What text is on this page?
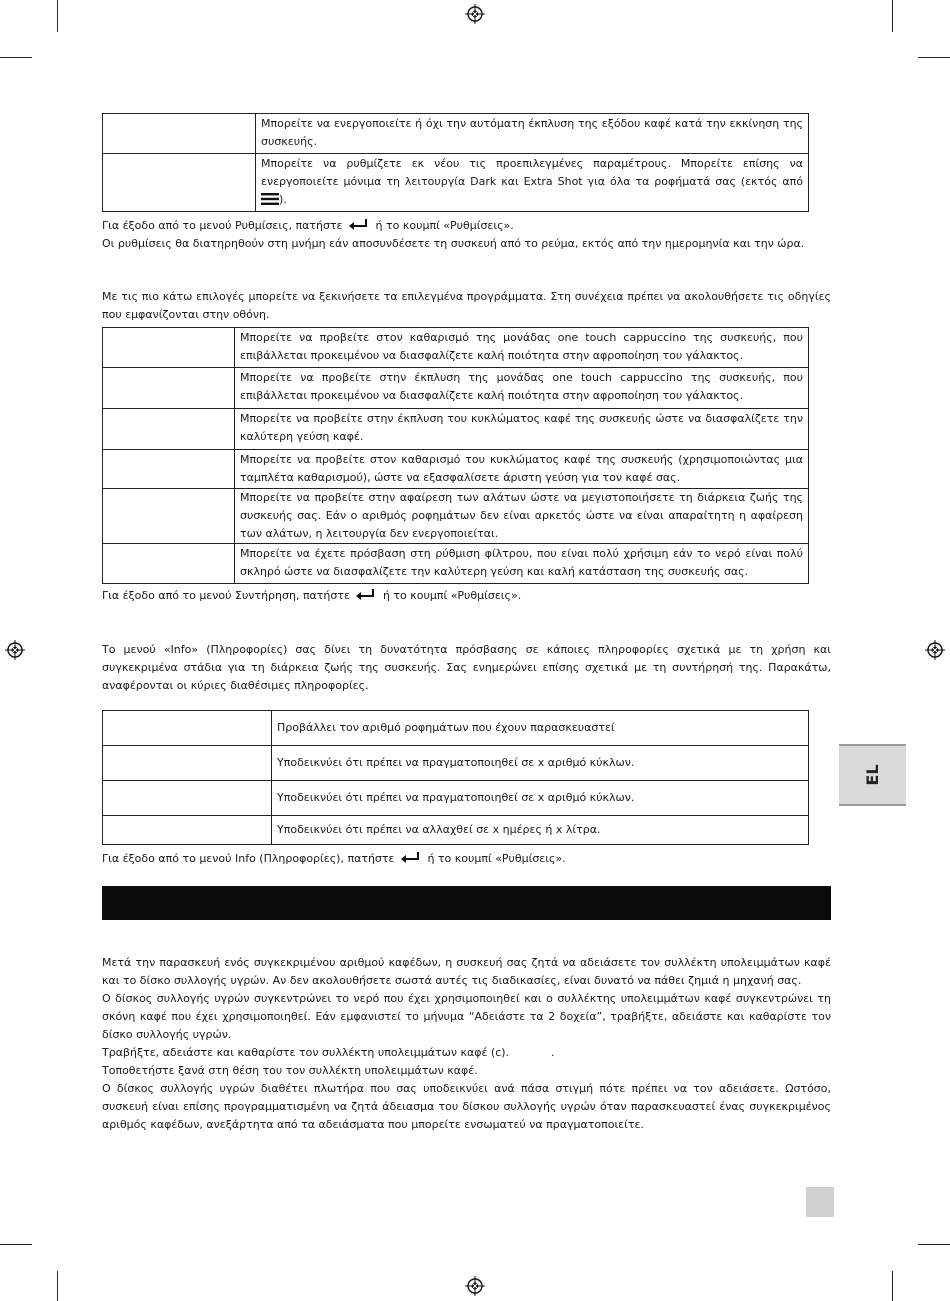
	Μπορείτε να ενεργοποιείτε ή όχι την αυτόματη έκπλυση της εξόδου καφέ κατά την εκκίνηση της συσκευής.
	Μπορείτε να ρυθμίζετε εκ νέου τις προεπιλεγμένες παραμέτρους. Μπορείτε επίσης να ενεργοποιείτε μόνιμα τη λειτουργία Dark και Extra Shot για όλα τα ροφήματά σας (εκτός από ).
Για έξοδο από το μενού Ρυθμίσεις, πατήστε	ή το κουμπί «Ρυθμίσεις».
Οι ρυθμίσεις θα διατηρηθούν στη μνήμη εάν αποσυνδέσετε τη συσκευή από το ρεύμα, εκτός από την ημερομηνία και την ώρα.
Με τις πιο κάτω επιλογές μπορείτε να ξεκινήσετε τα επιλεγμένα προγράμματα. Στη συνέχεια πρέπει να ακολουθήσετε τις οδηγίες που εμφανίζονται στην οθόνη.
	Μπορείτε να προβείτε στον καθαρισμό της μονάδας one touch cappuccino της συσκευής, που επιβάλλεται προκειμένου να διασφαλίζετε καλή ποιότητα στην αφροποίηση του γάλακτος.
	Μπορείτε να προβείτε στην έκπλυση της μονάδας one touch cappuccino της συσκευής, που επιβάλλεται προκειμένου να διασφαλίζετε καλή ποιότητα στην αφροποίηση του γάλακτος.
	Μπορείτε να προβείτε στην έκπλυση του κυκλώματος καφέ της συσκευής ώστε να διασφαλίζετε την καλύτερη γεύση καφέ.
	Μπορείτε να προβείτε στον καθαρισμό του κυκλώματος καφέ της συσκευής (χρησιμοποιώντας μια ταμπλέτα καθαρισμού), ώστε να εξασφαλίσετε άριστη γεύση για τον καφέ σας.
	Μπορείτε να προβείτε στην αφαίρεση των αλάτων ώστε να μεγιστοποιήσετε τη διάρκεια ζωής της συσκευής σας. Εάν ο αριθμός ροφημάτων δεν είναι αρκετός ώστε να είναι απαραίτητη η αφαίρεση των αλάτων, η λειτουργία δεν ενεργοποιείται.
	Μπορείτε να έχετε πρόσβαση στη ρύθμιση φίλτρου, που είναι πολύ χρήσιμη εάν το νερό είναι πολύ σκληρό ώστε να διασφαλίζετε την καλύτερη γεύση και καλή κατάσταση της συσκευής σας.
Για έξοδο από το μενού Συντήρηση, πατήστε	ή το κουμπί «Ρυθμίσεις».
Το μενού «Info» (Πληροφορίες) σας δίνει τη δυνατότητα πρόσβασης σε κάποιες πληροφορίες σχετικά με τη χρήση και συγκεκριμένα στάδια για τη διάρκεια ζωής της συσκευής. Σας ενημερώνει επίσης σχετικά με τη συντήρησή της. Παρακάτω, αναφέρονται οι κύριες διαθέσιμες πληροφορίες.
	Προβάλλει τον αριθμό ροφημάτων που έχουν παρασκευαστεί
	Υποδεικνύει ότι πρέπει να πραγματοποιηθεί σε x αριθμό κύκλων.
	Υποδεικνύει ότι πρέπει να πραγματοποιηθεί σε x αριθμό κύκλων.
	Υποδεικνύει ότι πρέπει να αλλαχθεί σε x ημέρες ή x λίτρα.
Για έξοδο από το μενού Info (Πληροφορίες), πατήστε	ή το κουμπί «Ρυθμίσεις».
Μετά την παρασκευή ενός συγκεκριμένου αριθμού καφέδων, η συσκευή σας ζητά να αδειάσετε τον συλλέκτη υπολειμμάτων καφέ και το δίσκο συλλογής υγρών. Αν δεν ακολουθήσετε σωστά αυτές τις διαδικασίες, είναι δυνατό να πάθει ζημιά η μηχανή σας.
Ο δίσκος συλλογής υγρών συγκεντρώνει το νερό που έχει χρησιμοποιηθεί και ο συλλέκτης υπολειμμάτων καφέ συγκεντρώνει τη σκόνη καφέ που έχει χρησιμοποιηθεί. Εάν εμφανιστεί το μήνυμα “Αδειάστε τα 2 δοχεία”, τραβήξτε, αδειάστε και καθαρίστε τον δίσκο συλλογής υγρών.
Τραβήξτε, αδειάστε και καθαρίστε τον συλλέκτη υπολειμμάτων καφέ (c).	.
Τοποθετήστε ξανά στη θέση του τον συλλέκτη υπολειμμάτων καφέ.
Ο δίσκος συλλογής υγρών διαθέτει πλωτήρα που σας υποδεικνύει ανά πάσα στιγμή πότε πρέπει να τον αδειάσετε. Ωστόσο, συσκευή είναι επίσης προγραμματισμένη να ζητά άδειασμα του δίσκου συλλογής υγρών όταν παρασκευαστεί ένας συγκεκριμένος αριθμός καφέδων, ανεξάρτητα από τα αδειάσματα που μπορείτε ενσωματεύ να πραγματοποιείτε.
EL
